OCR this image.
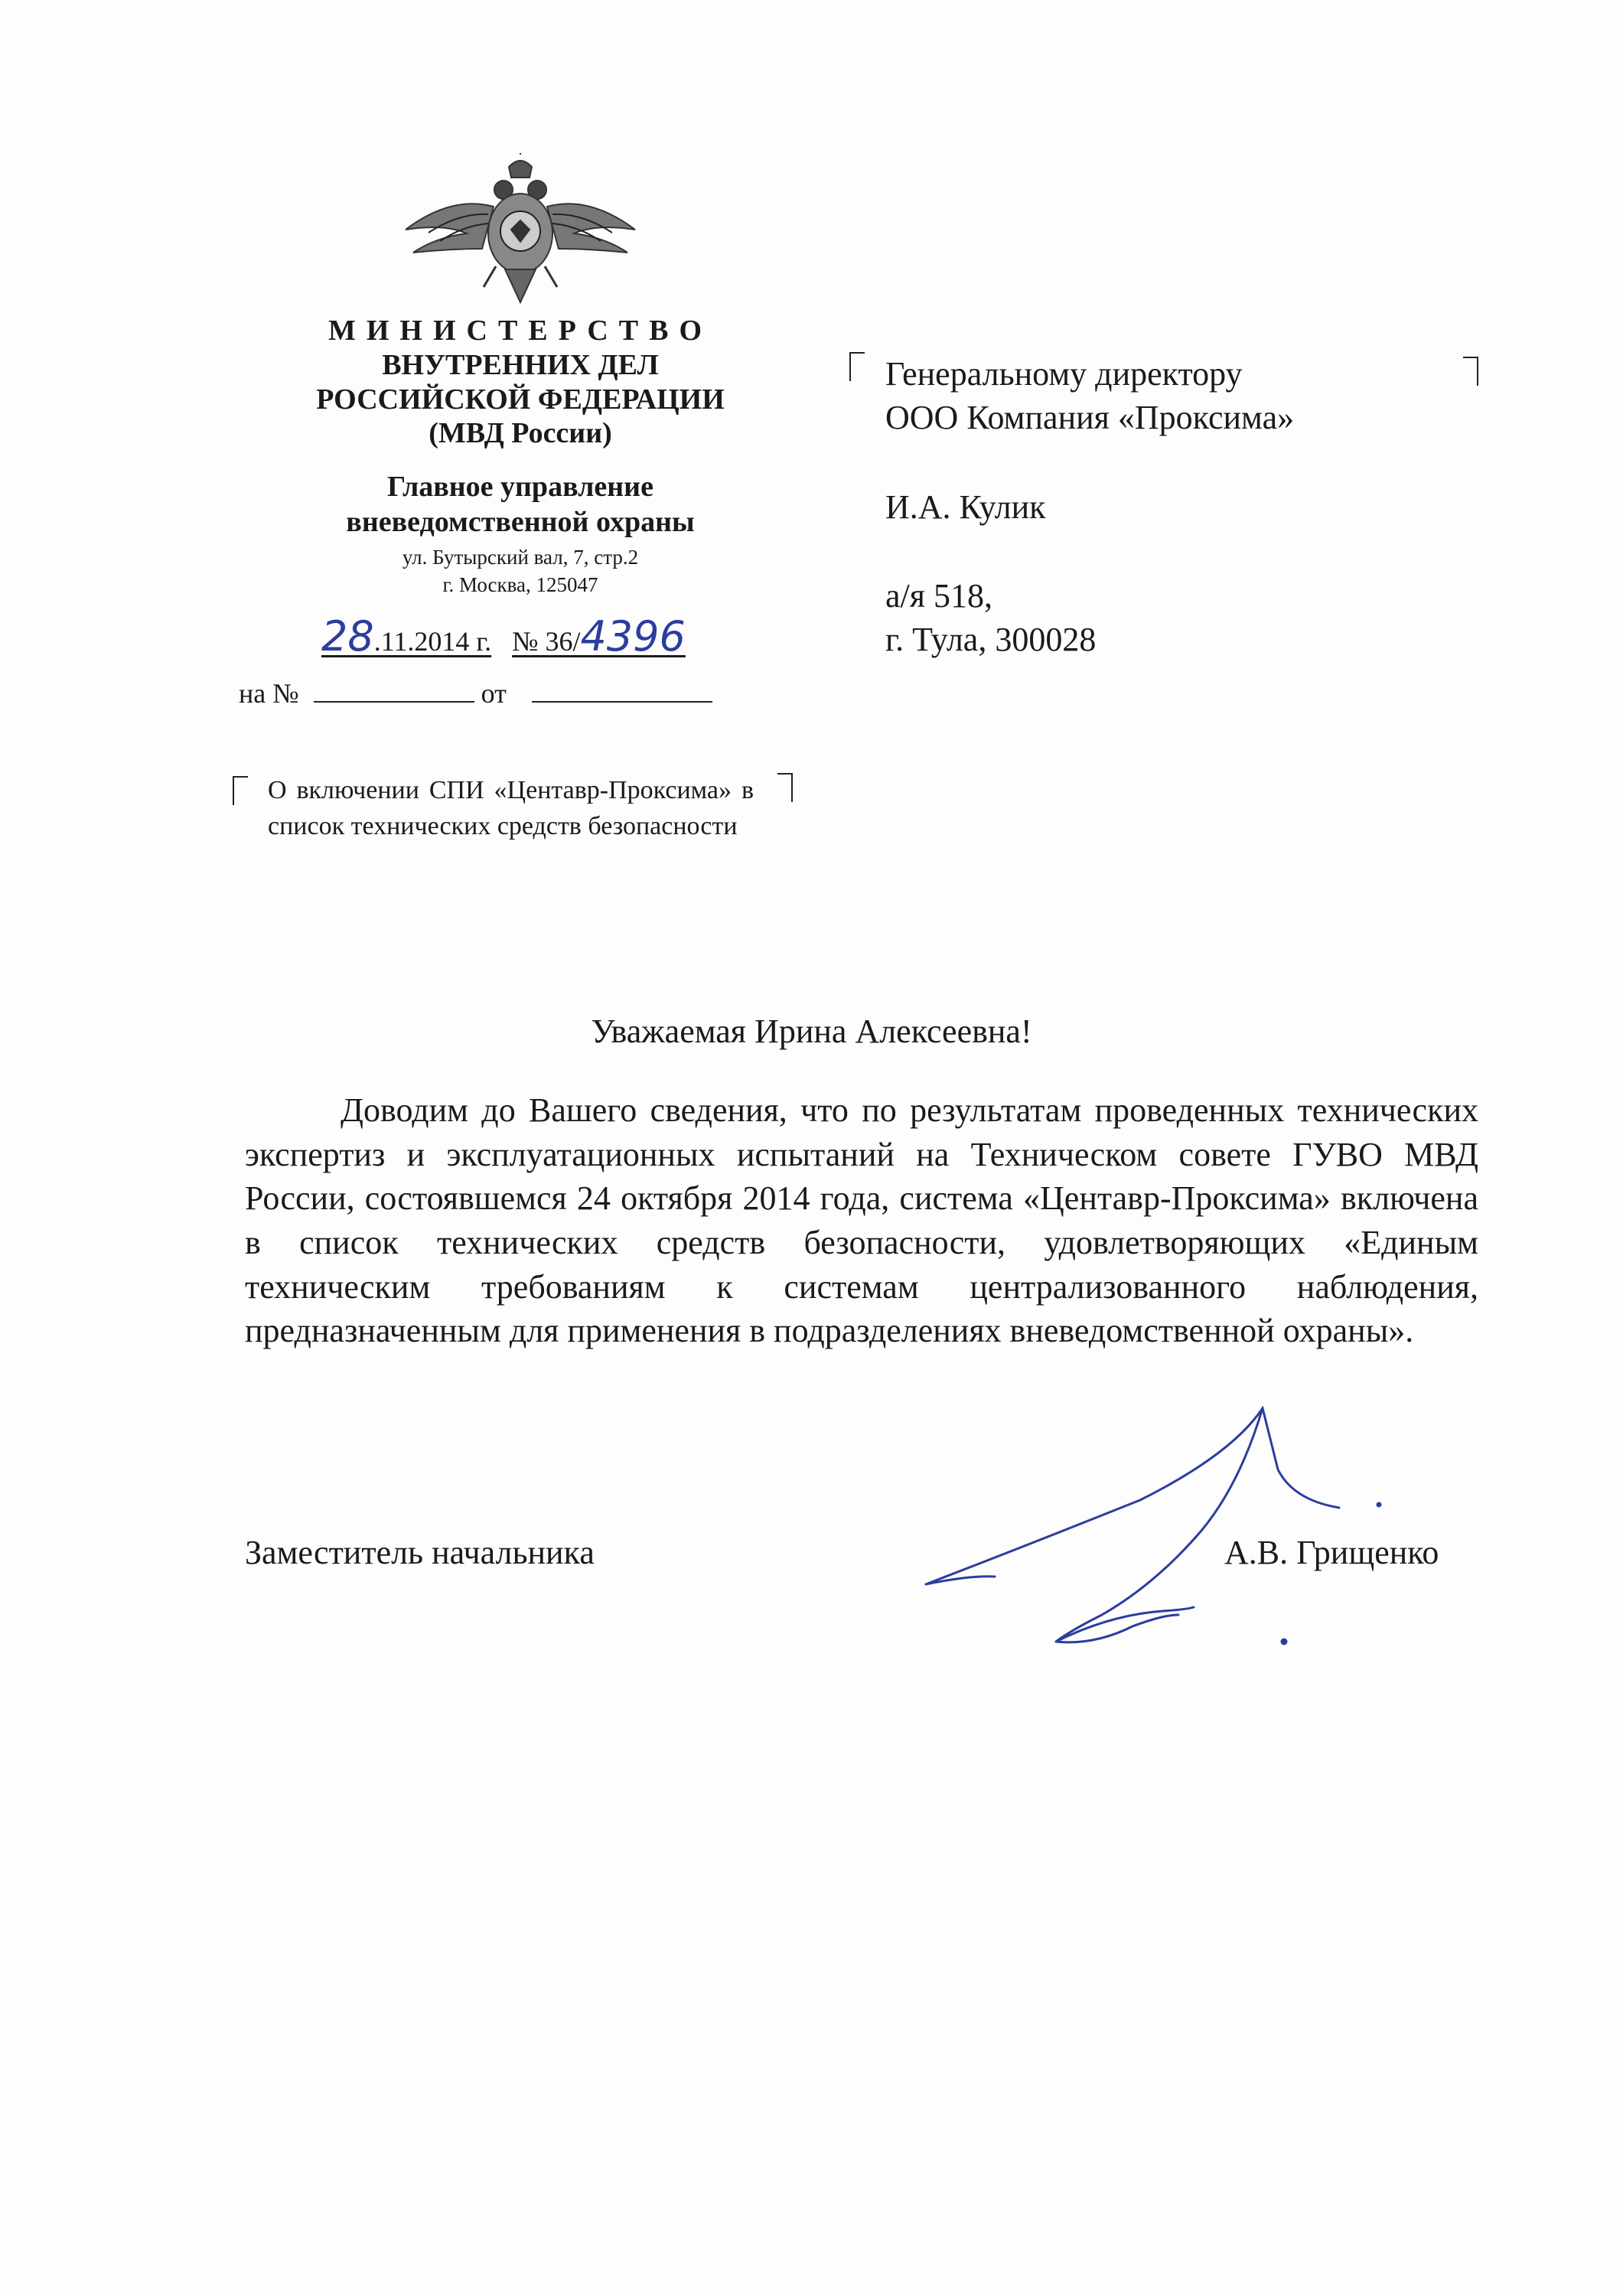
МИНИСТЕРСТВО
ВНУТРЕННИХ ДЕЛ
РОССИЙСКОЙ ФЕДЕРАЦИИ
(МВД России)
Главное управление
вневедомственной охраны
ул. Бутырский вал, 7, стр.2
г. Москва, 125047
28.11.2014 г. № 36/4396
на №	от
О включении СПИ «Центавр-Проксима» в список технических средств безопасности
Генеральному директору
ООО Компания «Проксима»
И.А. Кулик
а/я 518,
г. Тула, 300028
Уважаемая Ирина Алексеевна!
Доводим до Вашего сведения, что по результатам проведенных технических экспертиз и эксплуатационных испытаний на Техническом совете ГУВО МВД России, состоявшемся 24 октября 2014 года, система «Центавр-Проксима» включена в список технических средств безопасности, удовлетворяющих «Единым техническим требованиям к системам централизованного наблюдения, предназначенным для применения в подразделениях вневедомственной охраны».
Заместитель начальника	А.В. Грищенко
